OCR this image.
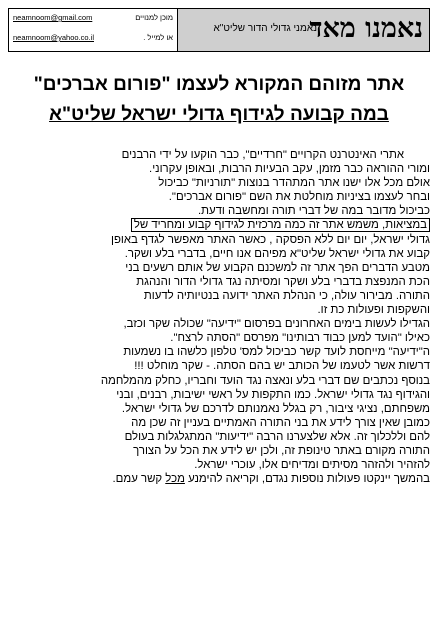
neamnoom@gmail.com	מוכן למנויים
neamnoom@yahoo.co.il	או למייל .	נאמנו מאד
נאמני גדולי הדור שליט"א
אתר מזוהם המקורא לעצמו "פורום אברכים"
במה קבועה לגידוף גדולי ישראל שליט"א

אתרי האינטרנט הקרויים "חרדיים", כבר הוקעו על ידי הרבנים

ומורי ההוראה כבר מזמן, עקב הבעיות הרבות, ובאופן עקרוני.

אולם מכל אלו ישנו אתר המתהדר בנוצות "תורניות" כביכול

ובחר לעצמו בציניות מוחלטת את השם "פורום אברכים".

כביכול מדובר במה של דברי תורה ומחשבה ודעת.

במציאות, משמש אתר זה כמה מרכזית לגידוף קבוע ומחריד של

גדולי ישראל, יום יום ללא הפסקה , כאשר האתר מאפשר לגדף באופן

קבוע את גדולי ישראל שליט"א מפיהם אנו חיים, בדברי בלע ושקר.

מטבע הדברים הפך אתר זה למשכנם הקבוע של אותם רשעים בני

הכת המנפצת בדברי בלע ושקר ומסיתה נגד גדולי הדור והנהגת

התורה. מבירור עולה, כי הנהלת האתר ידועה בנטיותיה לדעות

והשקפות ופעולות כת זו.

הגדילו לעשות בימים האחרונים בפרסום "ידיעה" שכולה שקר וכזב,

כאילו "הועד למען כבוד רבותינו" מפרסם "הסתה לרצח".

ה"ידיעה" מייחסת לועד קשר כביכול למס' טלפון כלשהו בו נשמעות

דרשות אשר לטעמו של הכותב יש בהם הסתה. - שקר מוחלט !!!

בנוסף נכתבים שם דברי בלע ונאצה נגד הועד וחבריו, כחלק מהמלחמה

והגידוף נגד גדולי ישראל. כמו התקפות על ראשי ישיבות, רבנים, ובני

משפחתם, נציגי ציבור, רק בגלל נאמנותם לדרכם של גדולי ישראל.

כמובן שאין צורך לידע את בני התורה האמתיים בעניין זה שכן מה

להם וללכלוך זה. אלא שלצערנו הרבה "ידיעות" המתגלגלות בעולם

התורה מקורם באתר טינופת זה, ולכן יש לידע את הכל על הצורך

להזהיר ולהזהר מסיתים ומדיחים אלו, עוכרי ישראל.

בהמשך יינקטו פעולות נוספות נגדם, וקריאה להימנע מכל קשר עמם.
